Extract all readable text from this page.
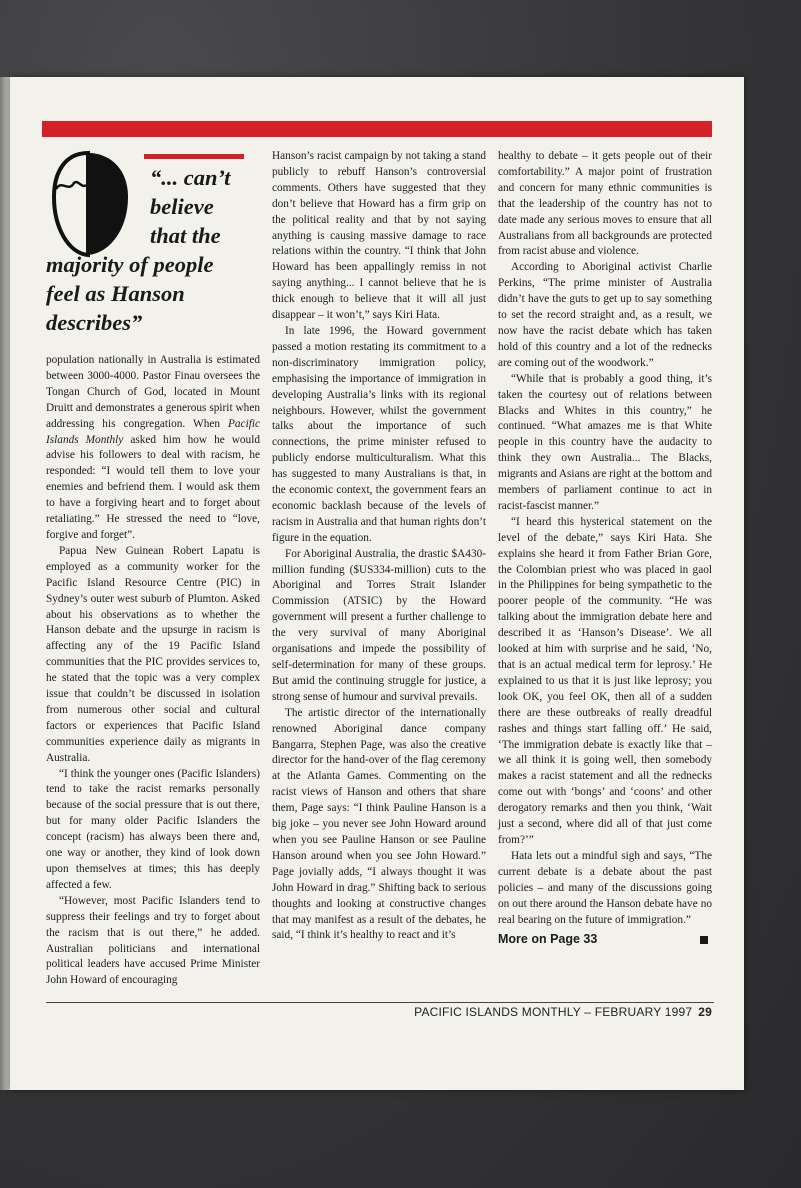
“... can’t
believe
that the
majority of people
feel as Hanson
describes”

population nationally in Australia is estimated between 3000-4000. Pastor Finau oversees the Tongan Church of God, located in Mount Druitt and demonstrates a generous spirit when addressing his congregation. When Pacific Islands Monthly asked him how he would advise his followers to deal with racism, he responded: “I would tell them to love your enemies and befriend them. I would ask them to have a forgiving heart and to forget about retaliating.” He stressed the need to “love, forgive and forget”.

Papua New Guinean Robert Lapatu is employed as a community worker for the Pacific Island Resource Centre (PIC) in Sydney’s outer west suburb of Plumton. Asked about his observations as to whether the Hanson debate and the upsurge in racism is affecting any of the 19 Pacific Island communities that the PIC provides services to, he stated that the topic was a very complex issue that couldn’t be discussed in isolation from numerous other social and cultural factors or experiences that Pacific Island communities experience daily as migrants in Australia.

“I think the younger ones (Pacific Islanders) tend to take the racist remarks personally because of the social pressure that is out there, but for many older Pacific Islanders the concept (racism) has always been there and, one way or another, they kind of look down upon themselves at times; this has deeply affected a few.

“However, most Pacific Islanders tend to suppress their feelings and try to forget about the racism that is out there,” he added. Australian politicians and international political leaders have accused Prime Minister John Howard of encouraging

Hanson’s racist campaign by not taking a stand publicly to rebuff Hanson’s controversial comments. Others have suggested that they don’t believe that Howard has a firm grip on the political reality and that by not saying anything is causing massive damage to race relations within the country. “I think that John Howard has been appallingly remiss in not saying anything... I cannot believe that he is thick enough to believe that it will all just disappear – it won’t,” says Kiri Hata.

In late 1996, the Howard government passed a motion restating its commitment to a non-discriminatory immigration policy, emphasising the importance of immigration in developing Australia’s links with its regional neighbours. However, whilst the government talks about the importance of such connections, the prime minister refused to publicly endorse multiculturalism. What this has suggested to many Australians is that, in the economic context, the government fears an economic backlash because of the levels of racism in Australia and that human rights don’t figure in the equation.

For Aboriginal Australia, the drastic $A430-million funding ($US334-million) cuts to the Aboriginal and Torres Strait Islander Commission (ATSIC) by the Howard government will present a further challenge to the very survival of many Aboriginal organisations and impede the possibility of self-determination for many of these groups. But amid the continuing struggle for justice, a strong sense of humour and survival prevails.

The artistic director of the internationally renowned Aboriginal dance company Bangarra, Stephen Page, was also the creative director for the hand-over of the flag ceremony at the Atlanta Games. Commenting on the racist views of Hanson and others that share them, Page says: “I think Pauline Hanson is a big joke – you never see John Howard around when you see Pauline Hanson or see Pauline Hanson around when you see John Howard.” Page jovially adds, “I always thought it was John Howard in drag.” Shifting back to serious thoughts and looking at constructive changes that may manifest as a result of the debates, he said, “I think it’s healthy to react and it’s

healthy to debate – it gets people out of their comfortability.” A major point of frustration and concern for many ethnic communities is that the leadership of the country has not to date made any serious moves to ensure that all Australians from all backgrounds are protected from racist abuse and violence.

According to Aboriginal activist Charlie Perkins, “The prime minister of Australia didn’t have the guts to get up to say something to set the record straight and, as a result, we now have the racist debate which has taken hold of this country and a lot of the rednecks are coming out of the woodwork.”

“While that is probably a good thing, it’s taken the courtesy out of relations between Blacks and Whites in this country,” he continued. “What amazes me is that White people in this country have the audacity to think they own Australia... The Blacks, migrants and Asians are right at the bottom and members of parliament continue to act in racist-fascist manner.”

“I heard this hysterical statement on the level of the debate,” says Kiri Hata. She explains she heard it from Father Brian Gore, the Colombian priest who was placed in gaol in the Philippines for being sympathetic to the poorer people of the community. “He was talking about the immigration debate here and described it as ‘Hanson’s Disease’. We all looked at him with surprise and he said, ‘No, that is an actual medical term for leprosy.’ He explained to us that it is just like leprosy; you look OK, you feel OK, then all of a sudden there are these outbreaks of really dreadful rashes and things start falling off.’ He said, ‘The immigration debate is exactly like that – we all think it is going well, then somebody makes a racist statement and all the rednecks come out with ‘bongs’ and ‘coons’ and other derogatory remarks and then you think, ‘Wait just a second, where did all of that just come from?’”

Hata lets out a mindful sigh and says, “The current debate is a debate about the past policies – and many of the discussions going on out there around the Hanson debate have no real bearing on the future of immigration.”

More on Page 33
PACIFIC ISLANDS MONTHLY – FEBRUARY 1997 29
